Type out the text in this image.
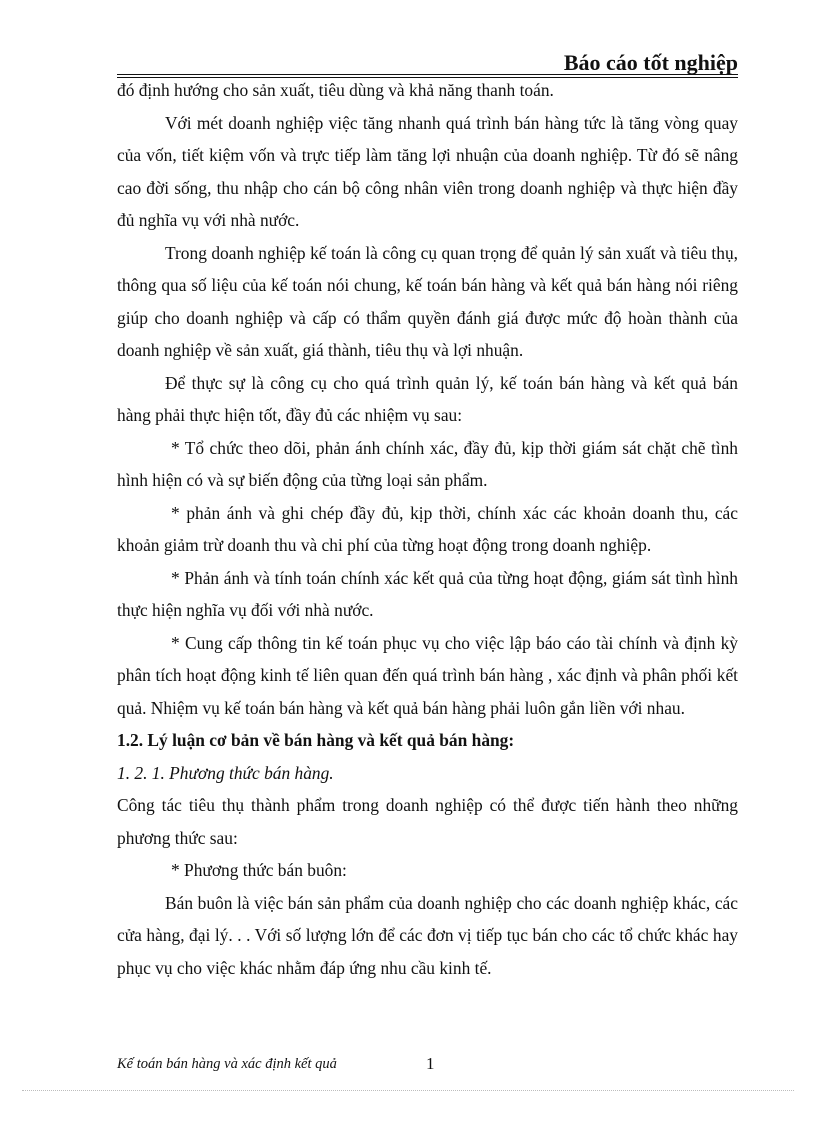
Báo cáo tốt nghiệp

đó định hướng cho sản xuất, tiêu dùng và khả năng thanh toán.

Với mét doanh nghiệp việc tăng nhanh quá trình bán hàng tức là tăng vòng quay của vốn, tiết kiệm vốn và trực tiếp làm tăng lợi nhuận của doanh nghiệp. Từ đó sẽ nâng cao đời sống, thu nhập cho cán bộ công nhân viên trong doanh nghiệp và thực hiện đầy đủ nghĩa vụ với nhà nước.

Trong doanh nghiệp kế toán là công cụ quan trọng để quản lý sản xuất và tiêu thụ, thông qua số liệu của kế toán nói chung, kế toán bán hàng và kết quả bán hàng nói riêng giúp cho doanh nghiệp và cấp có thẩm quyền đánh giá được mức độ hoàn thành của doanh nghiệp về sản xuất, giá thành, tiêu thụ và lợi nhuận.

Để thực sự là công cụ cho quá trình quản lý, kế toán bán hàng và kết quả bán hàng phải thực hiện tốt, đầy đủ các nhiệm vụ sau:

* Tổ chức theo dõi, phản ánh chính xác, đầy đủ, kịp thời giám sát chặt chẽ tình hình hiện có và sự biến động của từng loại sản phẩm.

* phản ánh và ghi chép đầy đủ, kịp thời, chính xác các khoản doanh thu, các khoản giảm trừ doanh thu và chi phí của từng hoạt động trong doanh nghiệp.

* Phản ánh và tính toán chính xác kết quả của từng hoạt động, giám sát tình hình thực hiện nghĩa vụ đối với nhà nước.

* Cung cấp thông tin kế toán phục vụ cho việc lập báo cáo tài chính và định kỳ phân tích hoạt động kinh tế liên quan đến quá trình bán hàng , xác định và phân phối kết quả. Nhiệm vụ kế toán bán hàng và kết quả bán hàng phải luôn gắn liền với nhau.

1.2. Lý luận cơ bản về bán hàng và kết quả bán hàng:

1. 2. 1. Phương thức bán hàng.

Công tác tiêu thụ thành phẩm trong doanh nghiệp có thể được tiến hành theo những phương thức sau:

* Phương thức bán buôn:

Bán buôn là việc bán sản phẩm của doanh nghiệp cho các doanh nghiệp khác, các cửa hàng, đại lý. . . Với số lượng lớn để các đơn vị tiếp tục bán cho các tổ chức khác hay phục vụ cho việc khác nhằm đáp ứng nhu cầu kinh tế.

Kế toán bán hàng và xác định kết quả	1
